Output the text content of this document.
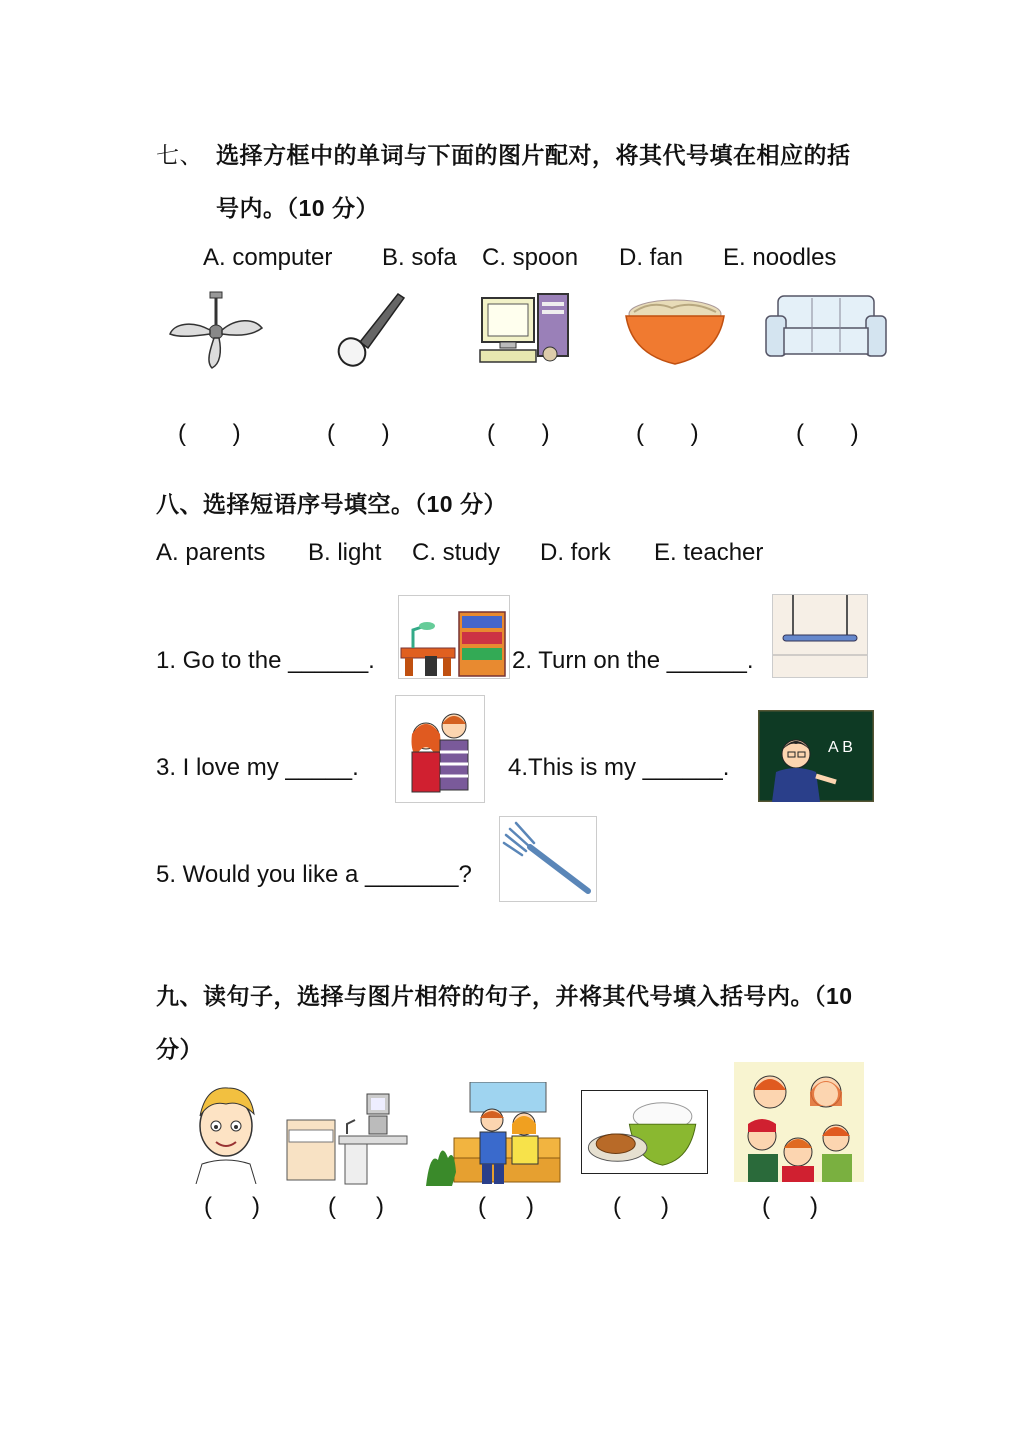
七、 选择方框中的单词与下面的图片配对，将其代号填在相应的括
号内。（10 分）
A. computer B. sofa C. spoon D. fan E. noodles
(       )	(       )	(       )	(       )	(       )
八、选择短语序号填空。（10 分）
A. parents B. light C. study D. fork E. teacher
1. Go to the ______.	2. Turn on the ______.
3. I love my _____.	4.This is my ______.
A B
5. Would you like a _______?
九、读句子，选择与图片相符的句子，并将其代号填入括号内。（10
分）
(      )	(      )	(      )	(      )	(      )
